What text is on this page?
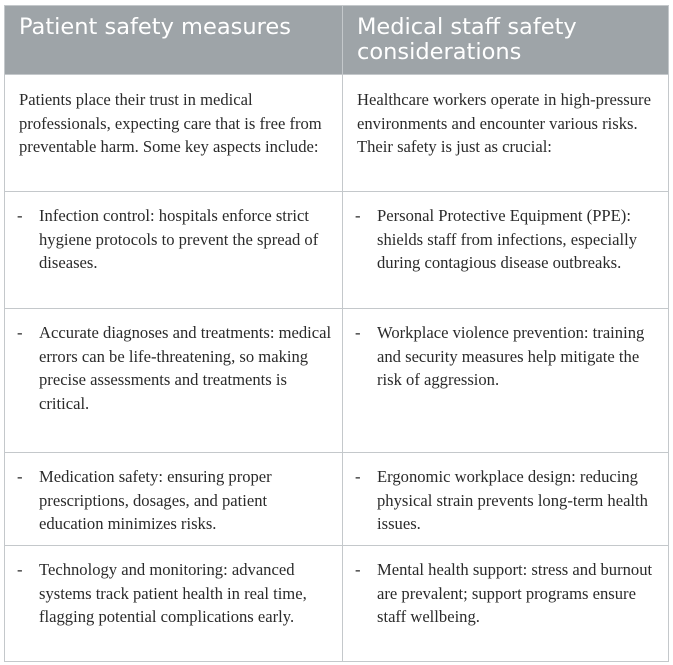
Patient safety measures	Medical staff safety considerations
Patients place their trust in medical professionals, expecting care that is free from preventable harm. Some key aspects include:	Healthcare workers operate in high-pressure environments and encounter various risks. Their safety is just as crucial:

- Infection control: hospitals enforce strict hygiene protocols to prevent the spread of diseases.	- Personal Protective Equipment (PPE): shields staff from infections, especially during contagious disease outbreaks.

- Accurate diagnoses and treatments: medical errors can be life-threatening, so making precise assessments and treatments is critical.	- Workplace violence prevention: training and security measures help mitigate the risk of aggression.

- Medication safety: ensuring proper prescriptions, dosages, and patient education minimizes risks.	- Ergonomic workplace design: reducing physical strain prevents long-term health issues.

- Technology and monitoring: advanced systems track patient health in real time, flagging potential complications early.	- Mental health support: stress and burnout are prevalent; support programs ensure staff wellbeing.
